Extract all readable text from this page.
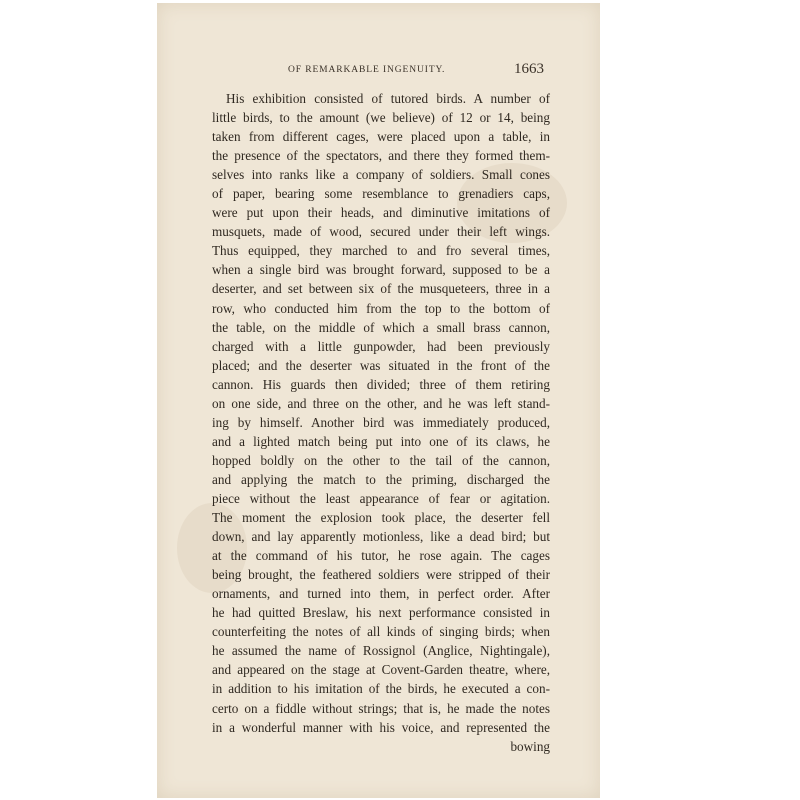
OF REMARKABLE INGENUITY.	1663
His exhibition consisted of tutored birds. A number of
little birds, to the amount (we believe) of 12 or 14, being
taken from different cages, were placed upon a table, in
the presence of the spectators, and there they formed them-
selves into ranks like a company of soldiers. Small cones
of paper, bearing some resemblance to grenadiers caps,
were put upon their heads, and diminutive imitations of
musquets, made of wood, secured under their left wings.
Thus equipped, they marched to and fro several times,
when a single bird was brought forward, supposed to be a
deserter, and set between six of the musqueteers, three in a
row, who conducted him from the top to the bottom of
the table, on the middle of which a small brass cannon,
charged with a little gunpowder, had been previously
placed; and the deserter was situated in the front of the
cannon. His guards then divided; three of them retiring
on one side, and three on the other, and he was left stand-
ing by himself. Another bird was immediately produced,
and a lighted match being put into one of its claws, he
hopped boldly on the other to the tail of the cannon,
and applying the match to the priming, discharged the
piece without the least appearance of fear or agitation.
The moment the explosion took place, the deserter fell
down, and lay apparently motionless, like a dead bird; but
at the command of his tutor, he rose again. The cages
being brought, the feathered soldiers were stripped of their
ornaments, and turned into them, in perfect order. After
he had quitted Breslaw, his next performance consisted in
counterfeiting the notes of all kinds of singing birds; when
he assumed the name of Rossignol (Anglice, Nightingale),
and appeared on the stage at Covent-Garden theatre, where,
in addition to his imitation of the birds, he executed a con-
certo on a fiddle without strings; that is, he made the notes
in a wonderful manner with his voice, and represented the
bowing
